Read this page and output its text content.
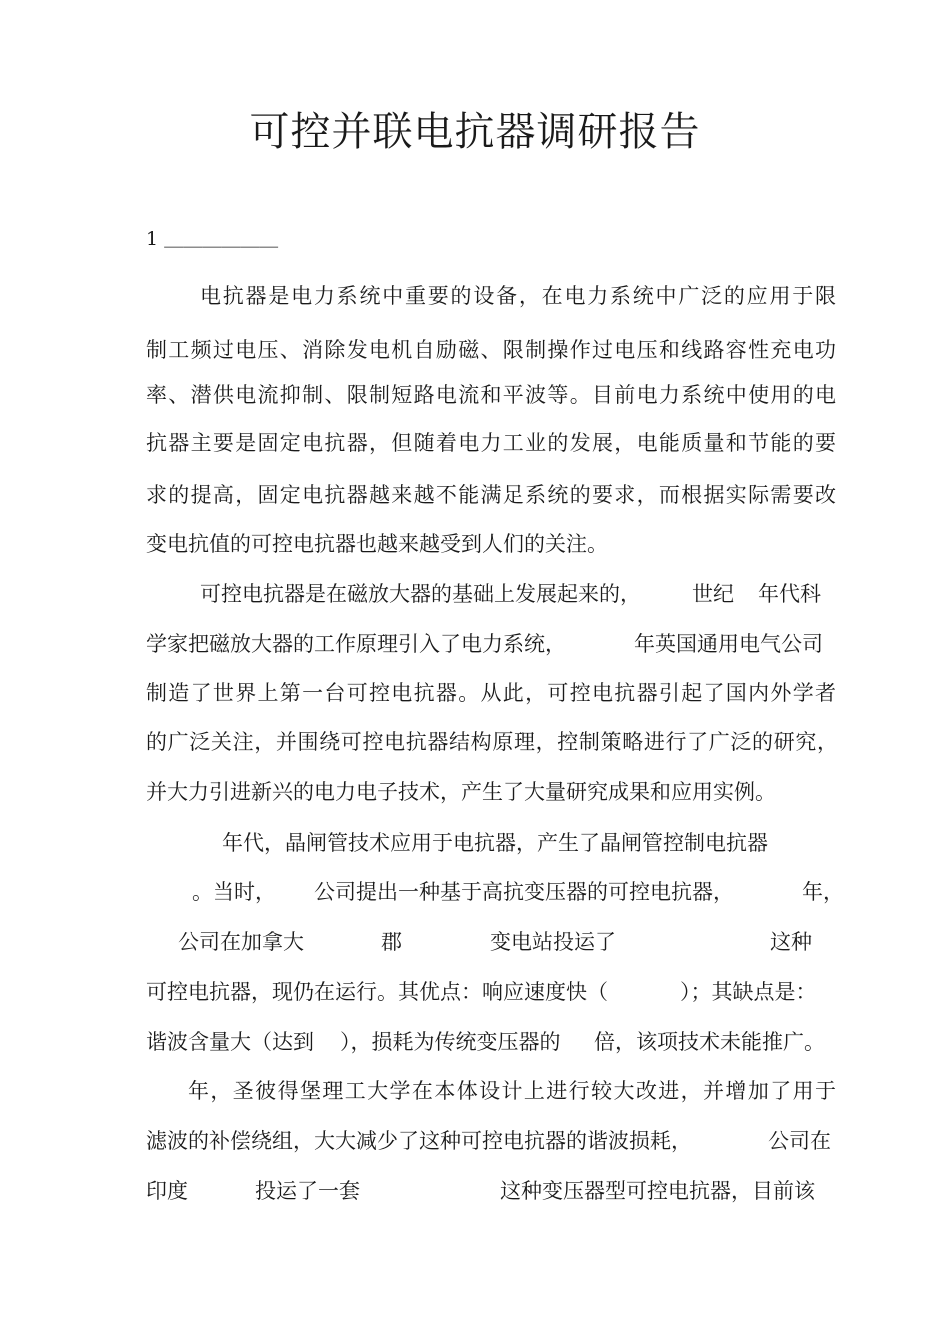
可控并联电抗器调研报告
1 ＿＿＿＿＿＿
电抗器是电力系统中重要的设备，在电力系统中广泛的应用于限
制工频过电压、消除发电机自励磁、限制操作过电压和线路容性充电功
率、潜供电流抑制、限制短路电流和平波等。目前电力系统中使用的电
抗器主要是固定电抗器，但随着电力工业的发展，电能质量和节能的要
求的提高，固定电抗器越来越不能满足系统的要求，而根据实际需要改
变电抗值的可控电抗器也越来越受到人们的关注。
可控电抗器是在磁放大器的基础上发展起来的， 世纪 年代科
学家把磁放大器的工作原理引入了电力系统，	年英国通用电气公司
制造了世界上第一台可控电抗器。从此，可控电抗器引起了国内外学者
的广泛关注，并围绕可控电抗器结构原理，控制策略进行了广泛的研究，
并大力引进新兴的电力电子技术，产生了大量研究成果和应用实例。
年代，晶闸管技术应用于电抗器，产生了晶闸管控制电抗器
。当时， 公司提出一种基于高抗变压器的可控电抗器，	年，
公司在加拿大	郡	变电站投运了	这种
可控电抗器，现仍在运行。其优点：响应速度快（	）；其缺点是：
谐波含量大（达到 ），损耗为传统变压器的 倍，该项技术未能推广。
年，圣彼得堡理工大学在本体设计上进行较大改进，并增加了用于
滤波的补偿绕组，大大减少了这种可控电抗器的谐波损耗，	公司在
印度	投运了一套	这种变压器型可控电抗器，目前该
